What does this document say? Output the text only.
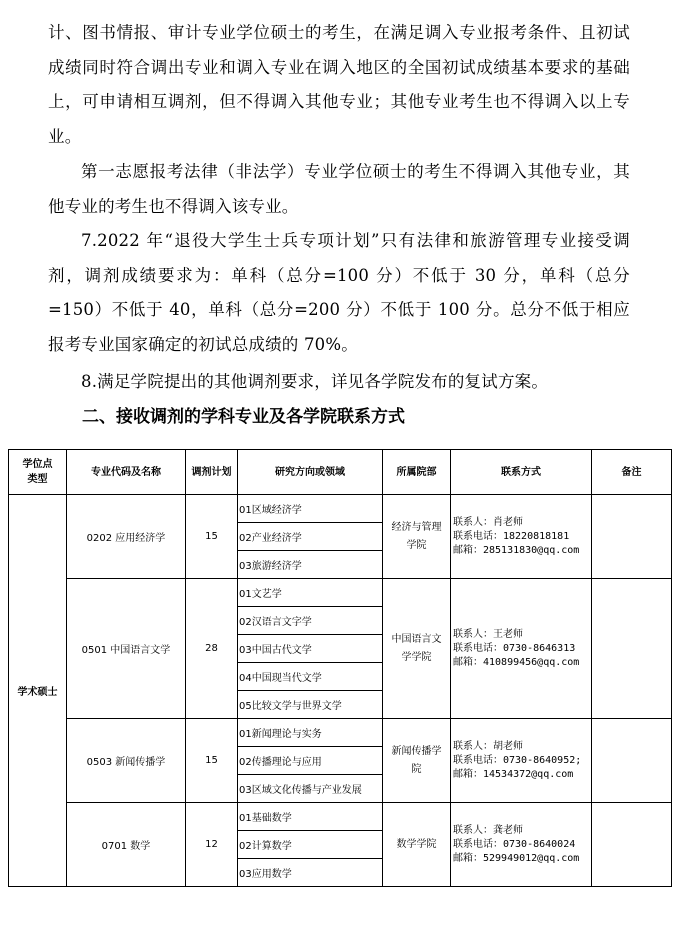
计、图书情报、审计专业学位硕士的考生，在满足调入专业报考条件、且初试成绩同时符合调出专业和调入专业在调入地区的全国初试成绩基本要求的基础上，可申请相互调剂，但不得调入其他专业；其他专业考生也不得调入以上专业。

第一志愿报考法律（非法学）专业学位硕士的考生不得调入其他专业，其他专业的考生也不得调入该专业。

7.2022 年“退役大学生士兵专项计划”只有法律和旅游管理专业接受调剂，调剂成绩要求为：单科（总分=100 分）不低于 30 分，单科（总分=150）不低于 40，单科（总分=200 分）不低于 100 分。总分不低于相应报考专业国家确定的初试总成绩的 70%。

8.满足学院提出的其他调剂要求，详见各学院发布的复试方案。

二、接收调剂的学科专业及各学院联系方式
学位点
类型	专业代码及名称	调剂计划	研究方向或领域	所属院部	联系方式	备注
学术硕士	0202 应用经济学	15	01区域经济学	经济与管理学院	联系人：肖老师
联系电话：18220818181
邮箱：285131830@qq.com	

			02产业经济学			
			03旅游经济学			
	0501 中国语言文学	28	01文艺学	中国语言文学学院	联系人：王老师
联系电话：0730-8646313
邮箱：410899456@qq.com	

			02汉语言文字学			
			03中国古代文学			
			04中国现当代文学			
			05比较文学与世界文学			
	0503 新闻传播学	15	01新闻理论与实务	新闻传播学院	联系人：胡老师
联系电话：0730-8640952;
邮箱：1453437​2@qq.com	

			02传播理论与应用			
			03区域文化传播与产业发展			
	0701 数学	12	01基础数学	数学学院	联系人：龚老师
联系电话：0730-8640024
邮箱：529949012@qq.com	

			02计算数学			
			03应用数学			
